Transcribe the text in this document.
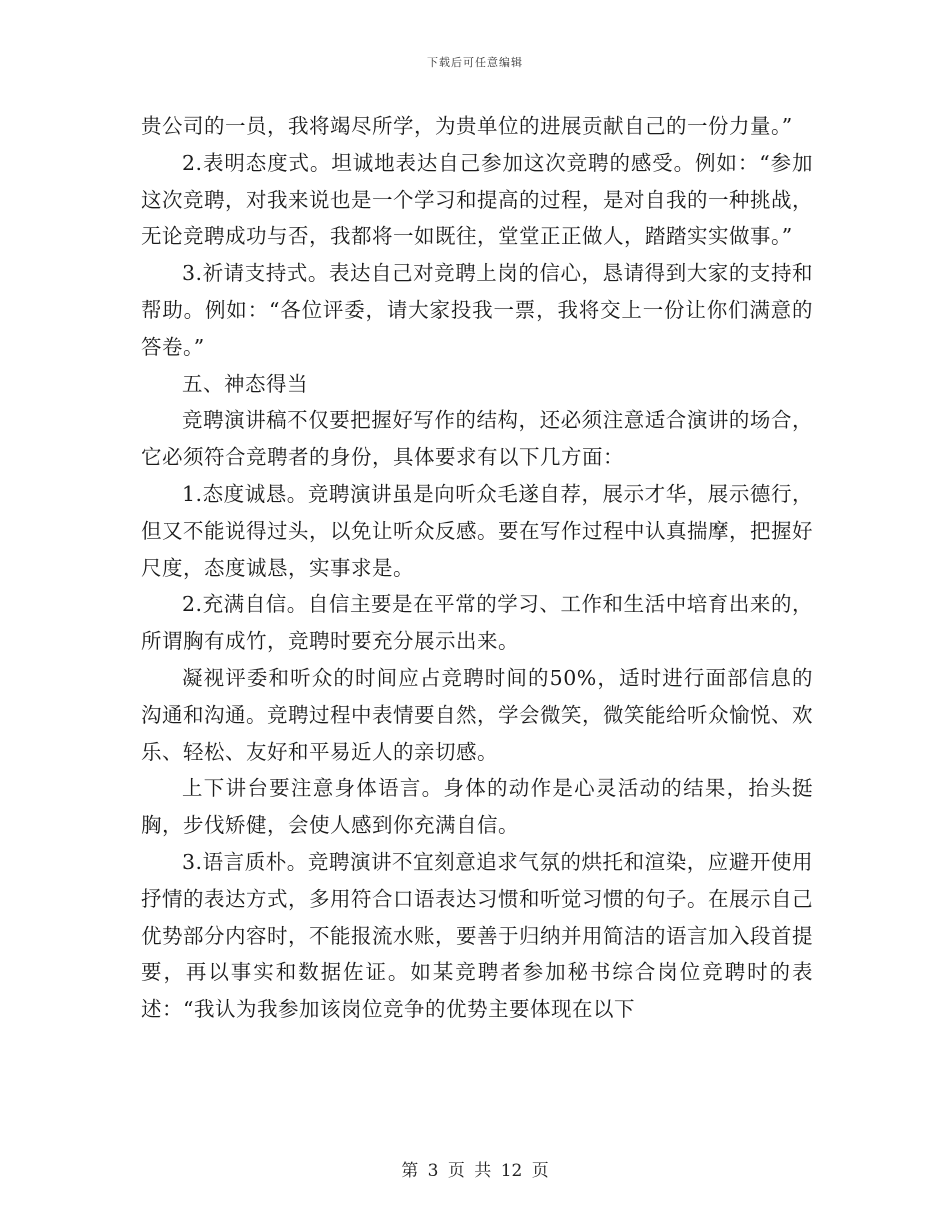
下载后可任意编辑

贵公司的一员，我将竭尽所学，为贵单位的进展贡献自己的一份力量。”

2.表明态度式。坦诚地表达自己参加这次竞聘的感受。例如：“参加这次竞聘，对我来说也是一个学习和提高的过程，是对自我的一种挑战，无论竞聘成功与否，我都将一如既往，堂堂正正做人，踏踏实实做事。”

3.祈请支持式。表达自己对竞聘上岗的信心，恳请得到大家的支持和帮助。例如：“各位评委，请大家投我一票，我将交上一份让你们满意的答卷。”

五、神态得当

竞聘演讲稿不仅要把握好写作的结构，还必须注意适合演讲的场合，它必须符合竞聘者的身份，具体要求有以下几方面：

1.态度诚恳。竞聘演讲虽是向听众毛遂自荐，展示才华，展示德行，但又不能说得过头，以免让听众反感。要在写作过程中认真揣摩，把握好尺度，态度诚恳，实事求是。

2.充满自信。自信主要是在平常的学习、工作和生活中培育出来的，所谓胸有成竹，竞聘时要充分展示出来。

凝视评委和听众的时间应占竞聘时间的50%，适时进行面部信息的沟通和沟通。竞聘过程中表情要自然，学会微笑，微笑能给听众愉悦、欢乐、轻松、友好和平易近人的亲切感。

上下讲台要注意身体语言。身体的动作是心灵活动的结果，抬头挺胸，步伐矫健，会使人感到你充满自信。

3.语言质朴。竞聘演讲不宜刻意追求气氛的烘托和渲染，应避开使用抒情的表达方式，多用符合口语表达习惯和听觉习惯的句子。在展示自己优势部分内容时，不能报流水账，要善于归纳并用简洁的语言加入段首提要，再以事实和数据佐证。如某竞聘者参加秘书综合岗位竞聘时的表述：“我认为我参加该岗位竞争的优势主要体现在以下

第 3 页 共 12 页
